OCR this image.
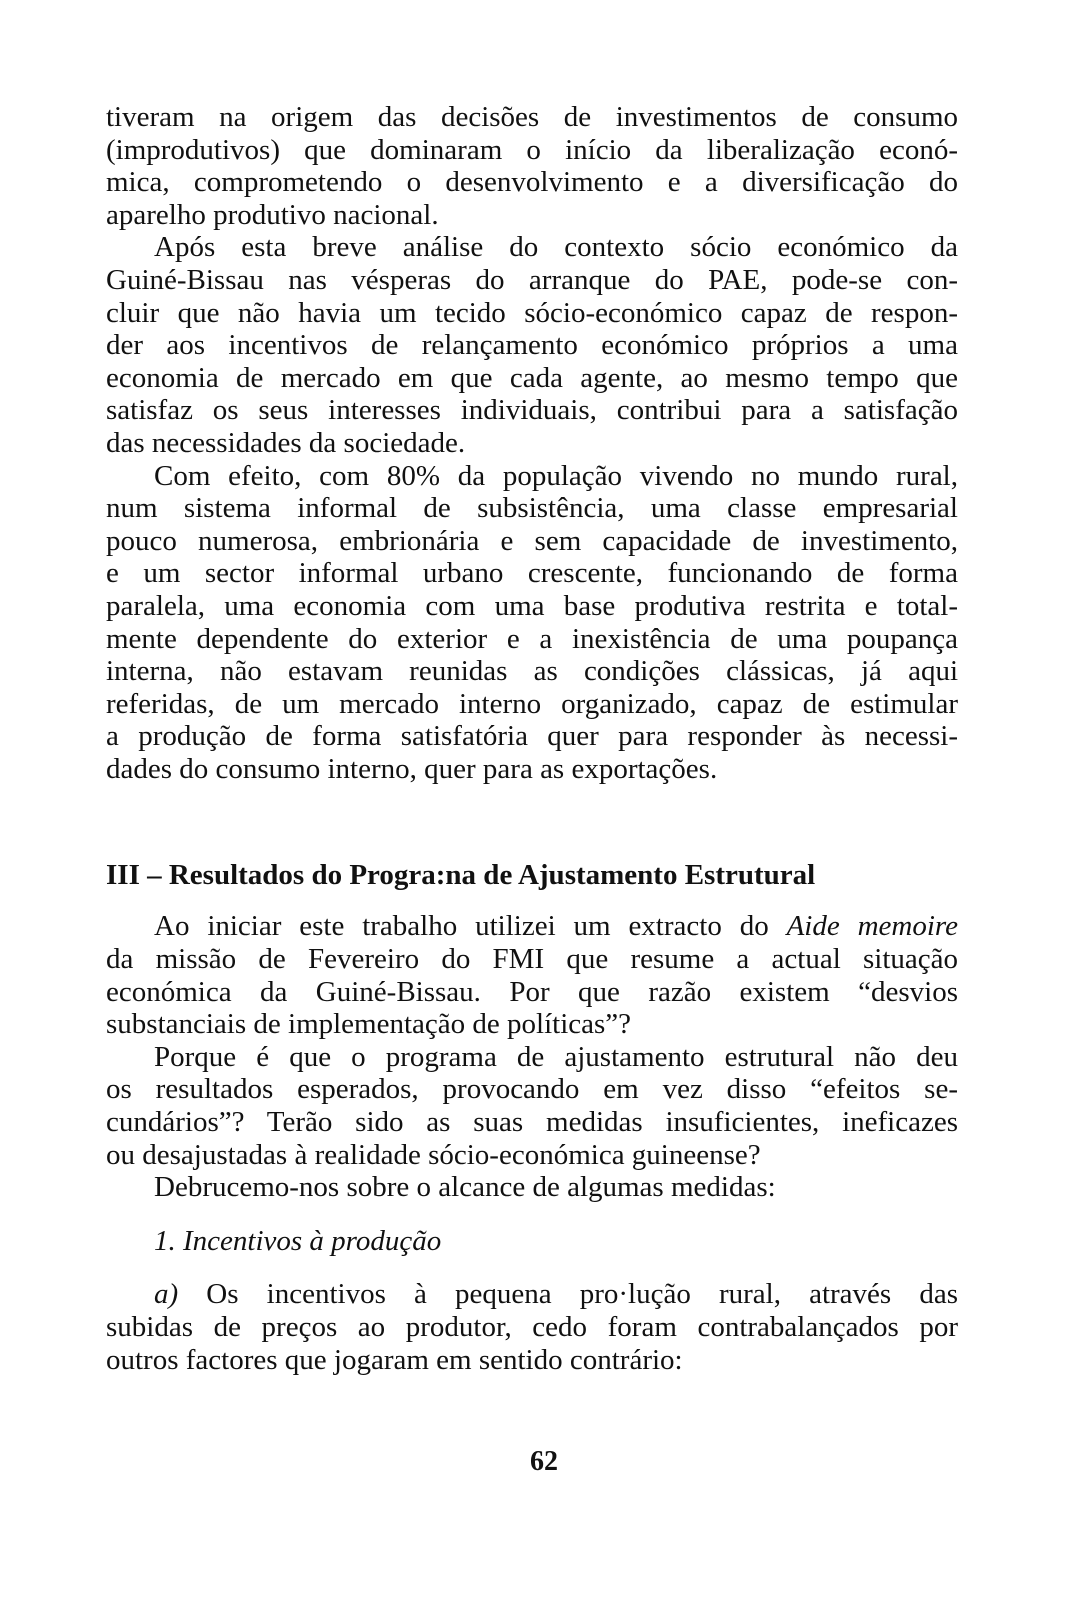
tiveram na origem das decisões de investimentos de consumo
(improdutivos) que dominaram o início da liberalização econó-
mica, comprometendo o desenvolvimento e a diversificação do
aparelho produtivo nacional.
Após esta breve análise do contexto sócio económico da
Guiné-Bissau nas vésperas do arranque do PAE, pode-se con-
cluir que não havia um tecido sócio-económico capaz de respon-
der aos incentivos de relançamento económico próprios a uma
economia de mercado em que cada agente, ao mesmo tempo que
satisfaz os seus interesses individuais, contribui para a satisfação
das necessidades da sociedade.
Com efeito, com 80% da população vivendo no mundo rural,
num sistema informal de subsistência, uma classe empresarial
pouco numerosa, embrionária e sem capacidade de investimento,
e um sector informal urbano crescente, funcionando de forma
paralela, uma economia com uma base produtiva restrita e total-
mente dependente do exterior e a inexistência de uma poupança
interna, não estavam reunidas as condições clássicas, já aqui
referidas, de um mercado interno organizado, capaz de estimular
a produção de forma satisfatória quer para responder às necessi-
dades do consumo interno, quer para as exportações.
III – Resultados do Progra:na de Ajustamento Estrutural
Ao iniciar este trabalho utilizei um extracto do Aide memoire
da missão de Fevereiro do FMI que resume a actual situação
económica da Guiné-Bissau. Por que razão existem “desvios
substanciais de implementação de políticas”?
Porque é que o programa de ajustamento estrutural não deu
os resultados esperados, provocando em vez disso “efeitos se-
cundários”? Terão sido as suas medidas insuficientes, ineficazes
ou desajustadas à realidade sócio-económica guineense?
Debrucemo-nos sobre o alcance de algumas medidas:
1. Incentivos à produção
a) Os incentivos à pequena pro·lução rural, através das
subidas de preços ao produtor, cedo foram contrabalançados por
outros factores que jogaram em sentido contrário:
62
